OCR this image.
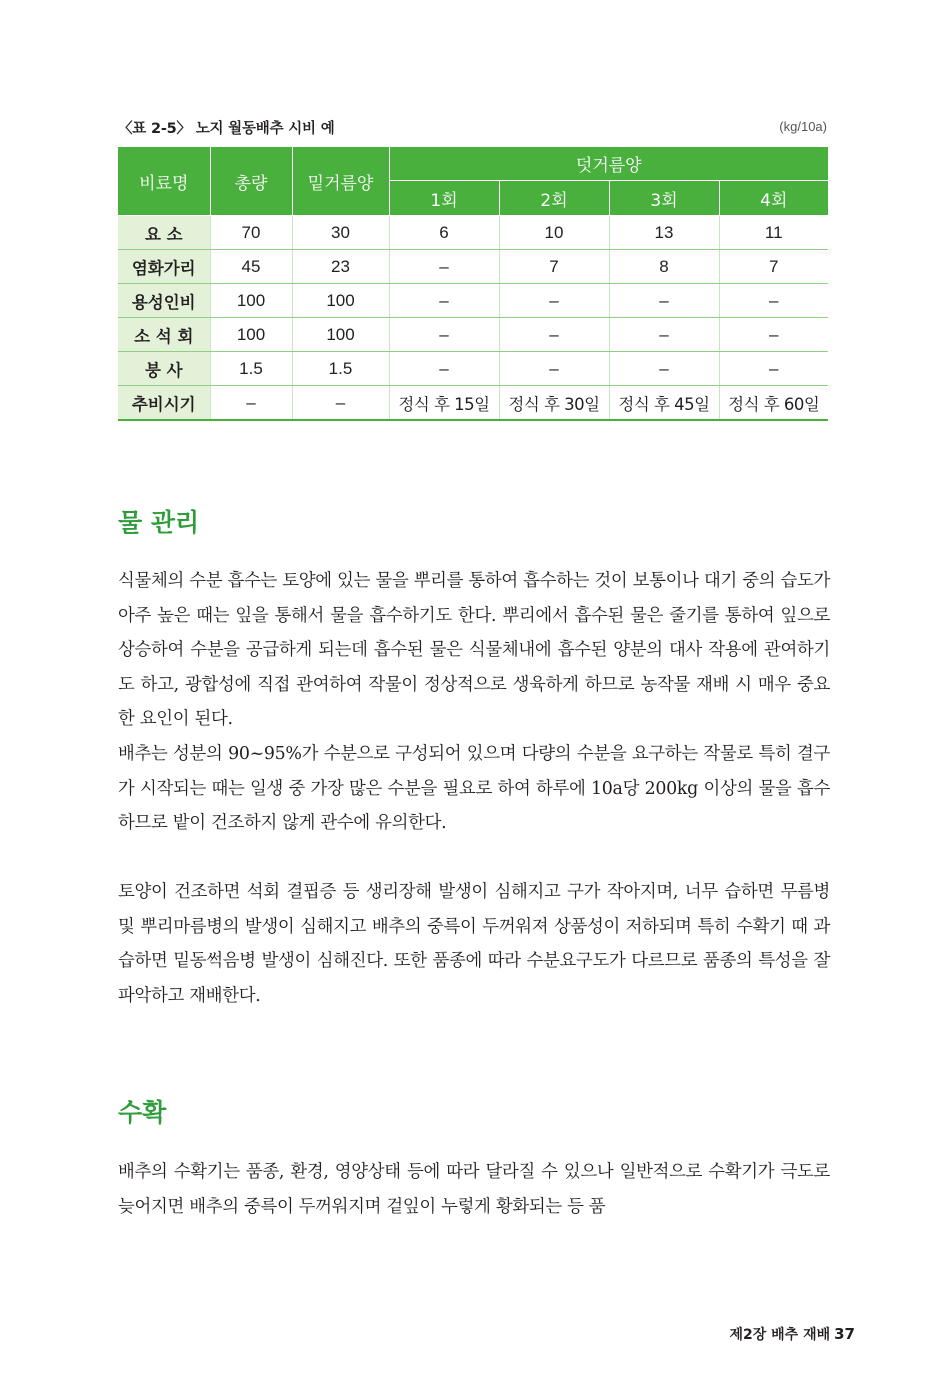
〈표 2-5〉 노지 월동배추 시비 예	(kg/10a)
비료명	총량	밑거름양	덧거름양			
			1회	2회	3회	4회
요 소	70	30	6	10	13	11
염화가리	45	23	–	7	8	7
용성인비	100	100	–	–	–	–
소 석 회	100	100	–	–	–	–
붕 사	1.5	1.5	–	–	–	–
추비시기	–	–	정식 후 15일	정식 후 30일	정식 후 45일	정식 후 60일
물 관리

식물체의 수분 흡수는 토양에 있는 물을 뿌리를 통하여 흡수하는 것이 보통이나 대기 중의 습도가 아주 높은 때는 잎을 통해서 물을 흡수하기도 한다. 뿌리에서 흡수된 물은 줄기를 통하여 잎으로 상승하여 수분을 공급하게 되는데 흡수된 물은 식물체내에 흡수된 양분의 대사 작용에 관여하기도 하고, 광합성에 직접 관여하여 작물이 정상적으로 생육하게 하므로 농작물 재배 시 매우 중요한 요인이 된다.

배추는 성분의 90~95%가 수분으로 구성되어 있으며 다량의 수분을 요구하는 작물로 특히 결구가 시작되는 때는 일생 중 가장 많은 수분을 필요로 하여 하루에 10a당 200kg 이상의 물을 흡수하므로 밭이 건조하지 않게 관수에 유의한다.

토양이 건조하면 석회 결핍증 등 생리장해 발생이 심해지고 구가 작아지며, 너무 습하면 무름병 및 뿌리마름병의 발생이 심해지고 배추의 중륵이 두꺼워져 상품성이 저하되며 특히 수확기 때 과습하면 밑동썩음병 발생이 심해진다. 또한 품종에 따라 수분요구도가 다르므로 품종의 특성을 잘 파악하고 재배한다.

수확

배추의 수확기는 품종, 환경, 영양상태 등에 따라 달라질 수 있으나 일반적으로 수확기가 극도로 늦어지면 배추의 중륵이 두꺼워지며 겉잎이 누렇게 황화되는 등 품

제2장 배추 재배 37
